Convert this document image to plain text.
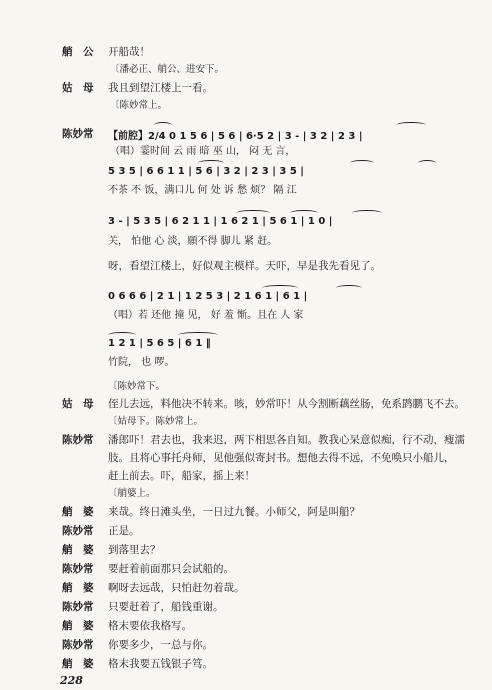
艄　公 开船哉！
〔潘必正、艄公、进安下。
姑　母 我且到望江楼上一看。
〔陈妙常上。
陈妙常	【前腔】2/4 0 1 5 6 | 5 6 | 6·5 2 | 3 - | 3 2 | 2 3 |
（唱）霎时间 云 雨 暗 巫 山， 闷 无 言，
5 3 5 | 6 6 1 1 | 5 6 | 3 2 | 2 3 | 3 5 |
不茶 不 饭，满口儿 何 处 诉 愁 烦？ 隔 江
3 - | 5 3 5 | 6 2 1 1 | 1 6 2 1 | 5 6 1 | 1 0 |
关， 怕他 心 淡，願不得 脚儿 紧 赶。
呀，看望江楼上，好似观主模样。天吓，早是我先看见了。
0 6 6 6 | 2 1 | 1 2 5 3 | 2 1 6 1 | 6 1 |
（唱）若 还他 撞 见， 好 羞 惭。且在 人 家
1 2 1 | 5 6 5 | 6 1 ‖
竹院， 也 啰。
〔陈妙常下。
姑　母 侄儿去远，料他决不转来。咳，妙常吓！从今割断藕丝肠，免系鹍鹏飞不去。
〔姑母下。陈妙常上。
陈妙常 潘郎吓！君去也，我来迟，两下相思各自知。教我心呆意似痴，行不动，瘦濡
肢。且将心事托舟师，见他强似寄封书。想他去得不远，不免唤只小船儿，
赶上前去。吓，船家，摇上来！
〔艄婆上。
艄　婆 来哉。终日滩头坐，一日过九餐。小师父，阿是叫船？
陈妙常 正是。
艄　婆 到落里去？
陈妙常 要赶着前面那只会试船的。
艄　婆 啊呀去远哉，只怕赶勿着哉。
陈妙常 只要赶着了，船钱重谢。
艄　婆 格末要依我格写。
陈妙常 你要多少，一总与你。
艄　婆 格末我要五钱银子笃。
228
